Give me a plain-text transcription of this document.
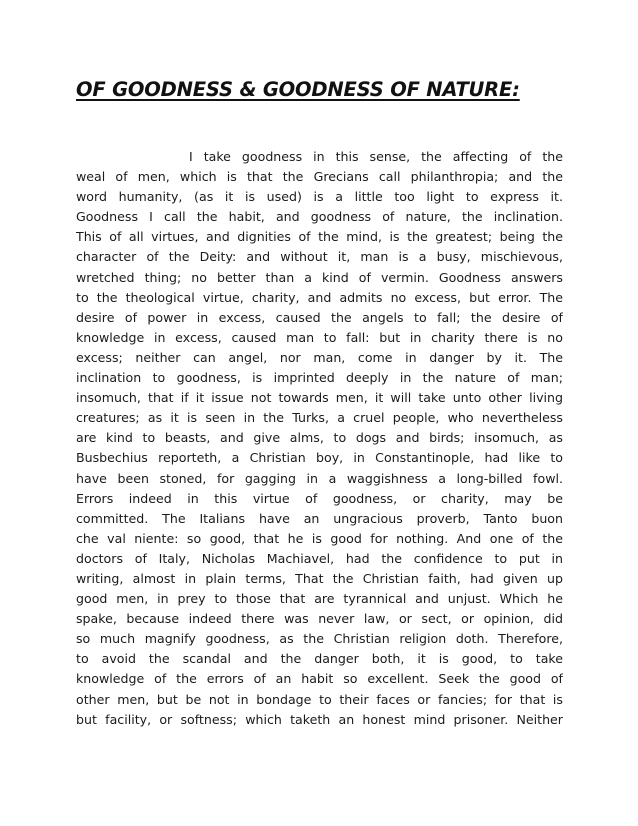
OF GOODNESS & GOODNESS OF NATURE:
I take goodness in this sense, the affecting of the
weal of men, which is that the Grecians call philanthropia; and the
word humanity, (as it is used) is a little too light to express it.
Goodness I call the habit, and goodness of nature, the inclination.
This of all virtues, and dignities of the mind, is the greatest; being the
character of the Deity: and without it, man is a busy, mischievous,
wretched thing; no better than a kind of vermin. Goodness answers
to the theological virtue, charity, and admits no excess, but error. The
desire of power in excess, caused the angels to fall; the desire of
knowledge in excess, caused man to fall: but in charity there is no
excess; neither can angel, nor man, come in danger by it. The
inclination to goodness, is imprinted deeply in the nature of man;
insomuch, that if it issue not towards men, it will take unto other living
creatures; as it is seen in the Turks, a cruel people, who nevertheless
are kind to beasts, and give alms, to dogs and birds; insomuch, as
Busbechius reporteth, a Christian boy, in Constantinople, had like to
have been stoned, for gagging in a waggishness a long-billed fowl.
Errors indeed in this virtue of goodness, or charity, may be
committed. The Italians have an ungracious proverb, Tanto buon
che val niente: so good, that he is good for nothing. And one of the
doctors of Italy, Nicholas Machiavel, had the confidence to put in
writing, almost in plain terms, That the Christian faith, had given up
good men, in prey to those that are tyrannical and unjust. Which he
spake, because indeed there was never law, or sect, or opinion, did
so much magnify goodness, as the Christian religion doth. Therefore,
to avoid the scandal and the danger both, it is good, to take
knowledge of the errors of an habit so excellent. Seek the good of
other men, but be not in bondage to their faces or fancies; for that is
but facility, or softness; which taketh an honest mind prisoner. Neither
